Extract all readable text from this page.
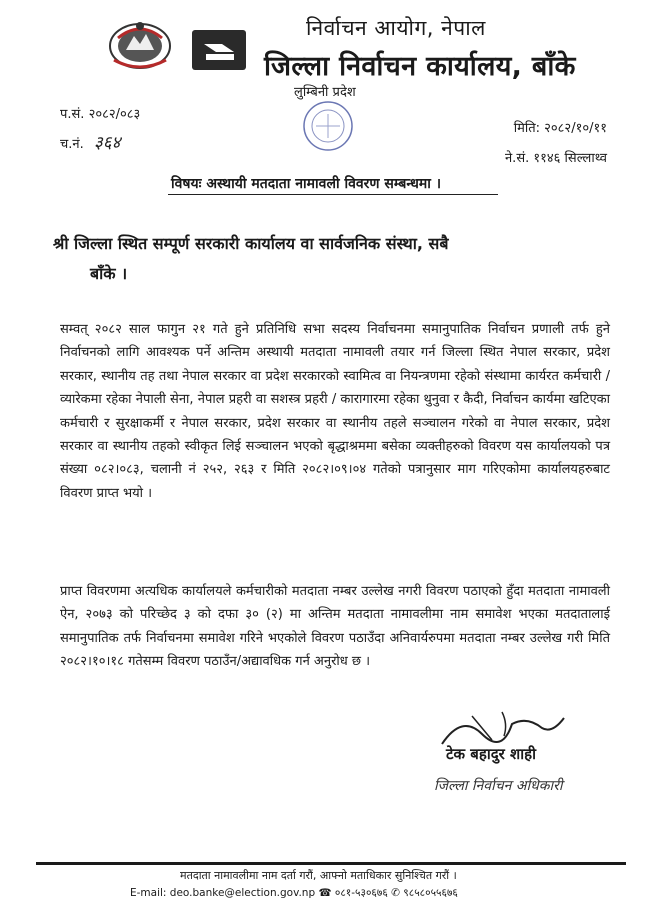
निर्वाचन आयोग, नेपाल
जिल्ला निर्वाचन कार्यालय, बाँके
लुम्बिनी प्रदेश
प.सं. २०८२/०८३
च.नं. ३६४
मिति: २०८२/१०/११
ने.सं. ११४६ सिल्लाथ्व
विषयः अस्थायी मतदाता नामावली विवरण सम्बन्धमा ।
श्री जिल्ला स्थित सम्पूर्ण सरकारी कार्यालय वा सार्वजनिक संस्था, सबै
बाँके ।
सम्वत् २०८२ साल फागुन २१ गते हुने प्रतिनिधि सभा सदस्य निर्वाचनमा समानुपातिक निर्वाचन प्रणाली तर्फ हुने निर्वाचनको लागि आवश्यक पर्ने अन्तिम अस्थायी मतदाता नामावली तयार गर्न जिल्ला स्थित नेपाल सरकार, प्रदेश सरकार, स्थानीय तह तथा नेपाल सरकार वा प्रदेश सरकारको स्वामित्व वा नियन्त्रणमा रहेको संस्थामा कार्यरत कर्मचारी / व्यारेकमा रहेका नेपाली सेना, नेपाल प्रहरी वा सशस्त्र प्रहरी / कारागारमा रहेका थुनुवा र कैदी, निर्वाचन कार्यमा खटिएका कर्मचारी र सुरक्षाकर्मी र नेपाल सरकार, प्रदेश सरकार वा स्थानीय तहले सञ्चालन गरेको वा नेपाल सरकार, प्रदेश सरकार वा स्थानीय तहको स्वीकृत लिई सञ्चालन भएको बृद्धाश्रममा बसेका व्यक्तीहरुको विवरण यस कार्यालयको पत्र संख्या ०८२।०८३, चलानी नं २५२, २६३ र मिति २०८२।०९।०४ गतेको पत्रानुसार माग गरिएकोमा कार्यालयहरुबाट विवरण प्राप्त भयो ।
प्राप्त विवरणमा अत्यधिक कार्यालयले कर्मचारीको मतदाता नम्बर उल्लेख नगरी विवरण पठाएको हुँदा मतदाता नामावली ऐन, २०७३ को परिच्छेद ३ को दफा ३० (२) मा अन्तिम मतदाता नामावलीमा नाम समावेश भएका मतदातालाई समानुपातिक तर्फ निर्वाचनमा समावेश गरिने भएकोले विवरण पठाउँदा अनिवार्यरुपमा मतदाता नम्बर उल्लेख गरी मिति २०८२।१०।१८ गतेसम्म विवरण पठाउँन/अद्यावधिक गर्न अनुरोध छ ।
टेक बहादुर शाही
जिल्ला निर्वाचन अधिकारी
मतदाता नामावलीमा नाम दर्ता गरौं, आफ्नो मताधिकार सुनिश्चित गरौं ।
E-mail: deo.banke@election.gov.np ☎ ०८१-५३०६७६ ✆ ९८५८०५५६७६
